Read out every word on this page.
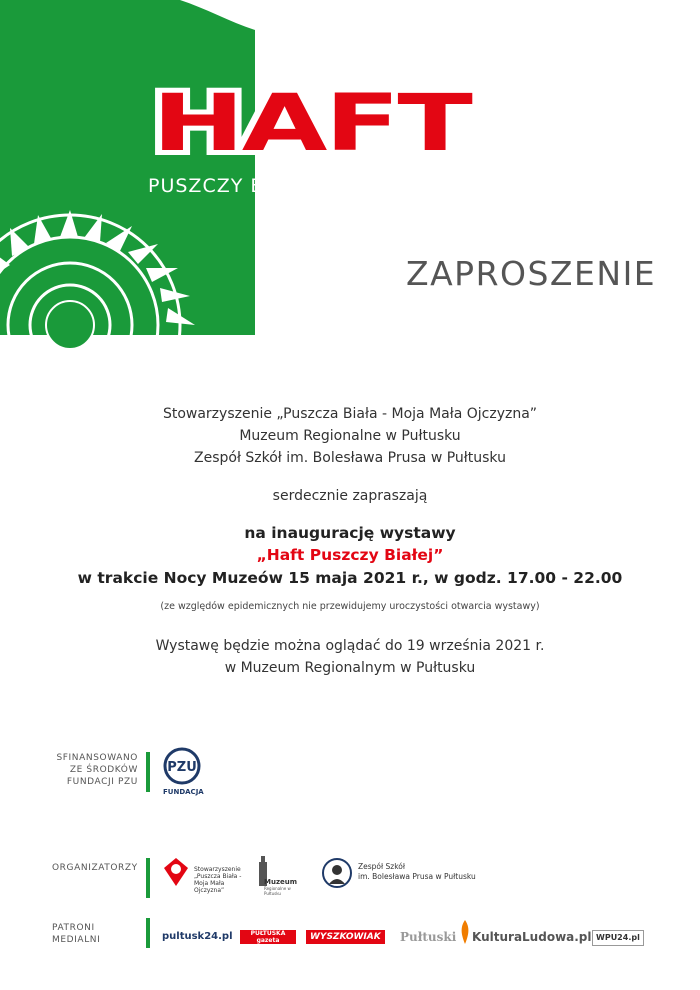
HAFT
PUSZCZY BIAŁEJ
ZAPROSZENIE
Stowarzyszenie „Puszcza Biała - Moja Mała Ojczyzna”
Muzeum Regionalne w Pułtusku
Zespół Szkół im. Bolesława Prusa w Pułtusku
serdecznie zapraszają
na inaugurację wystawy
„Haft Puszczy Białej”
w trakcie Nocy Muzeów 15 maja 2021 r., w godz. 17.00 - 22.00
(ze względów epidemicznych nie przewidujemy uroczystości otwarcia wystawy)
Wystawę będzie można oglądać do 19 września 2021 r.
w Muzeum Regionalnym w Pułtusku
SFINANSOWANO
ZE ŚRODKÓW
FUNDACJI PZU
PZU
FUNDACJA
ORGANIZATORZY	Stowarzyszenie „Puszcza Biała - Moja Mała Ojczyzna”
Muzeum
Regionalne w Pułtusku
Zespół Szkół
im. Bolesława Prusa w Pułtusku
PATRONI MEDIALNI	pultusk24.pl	PUŁTUSKA gazeta powiatowa
WYSZKOWIAK	Pułtuski KulturaLudowa.pl WPU24.pl
